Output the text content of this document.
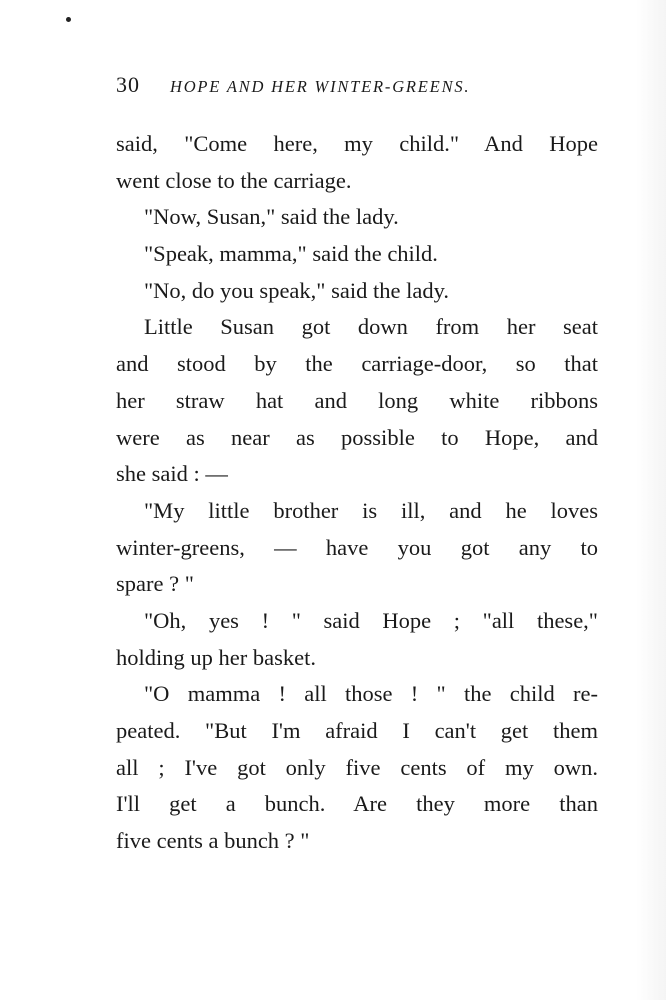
30 HOPE AND HER WINTER-GREENS.
said, "Come here, my child." And Hope
went close to the carriage.
"Now, Susan," said the lady.
"Speak, mamma," said the child.
"No, do you speak," said the lady.
Little Susan got down from her seat
and stood by the carriage-door, so that
her straw hat and long white ribbons
were as near as possible to Hope, and
she said : —
"My little brother is ill, and he loves
winter-greens, — have you got any to
spare ? "
"Oh, yes ! " said Hope ; "all these,"
holding up her basket.
"O mamma ! all those ! " the child re-
peated. "But I'm afraid I can't get them
all ; I've got only five cents of my own.
I'll get a bunch. Are they more than
five cents a bunch ? "
